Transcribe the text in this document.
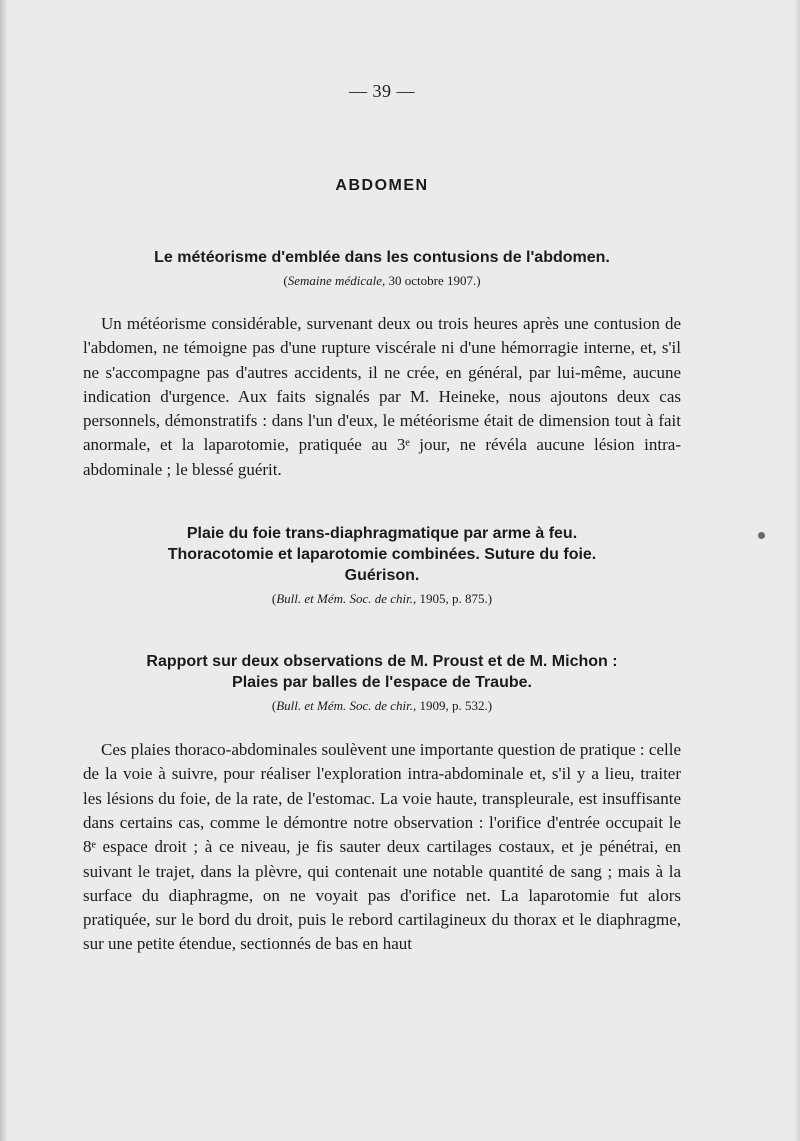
— 39 —
ABDOMEN
Le météorisme d'emblée dans les contusions de l'abdomen.
(Semaine médicale, 30 octobre 1907.)

Un météorisme considérable, survenant deux ou trois heures après une contusion de l'abdomen, ne témoigne pas d'une rupture viscérale ni d'une hémorragie interne, et, s'il ne s'accompagne pas d'autres accidents, il ne crée, en général, par lui-même, aucune indication d'urgence. Aux faits signalés par M. Heineke, nous ajoutons deux cas personnels, démonstratifs : dans l'un d'eux, le météorisme était de dimension tout à fait anormale, et la laparotomie, pratiquée au 3ᵉ jour, ne révéla aucune lésion intra-abdominale ; le blessé guérit.

Plaie du foie trans-diaphragmatique par arme à feu.
Thoracotomie et laparotomie combinées. Suture du foie.
Guérison.
(Bull. et Mém. Soc. de chir., 1905, p. 875.)
Rapport sur deux observations de M. Proust et de M. Michon :
Plaies par balles de l'espace de Traube.
(Bull. et Mém. Soc. de chir., 1909, p. 532.)

Ces plaies thoraco-abdominales soulèvent une importante question de pratique : celle de la voie à suivre, pour réaliser l'exploration intra-abdominale et, s'il y a lieu, traiter les lésions du foie, de la rate, de l'estomac. La voie haute, transpleurale, est insuffisante dans certains cas, comme le démontre notre observation : l'orifice d'entrée occupait le 8ᵉ espace droit ; à ce niveau, je fis sauter deux cartilages costaux, et je pénétrai, en suivant le trajet, dans la plèvre, qui contenait une notable quantité de sang ; mais à la surface du diaphragme, on ne voyait pas d'orifice net. La laparotomie fut alors pratiquée, sur le bord du droit, puis le rebord cartilagineux du thorax et le diaphragme, sur une petite étendue, sectionnés de bas en haut
